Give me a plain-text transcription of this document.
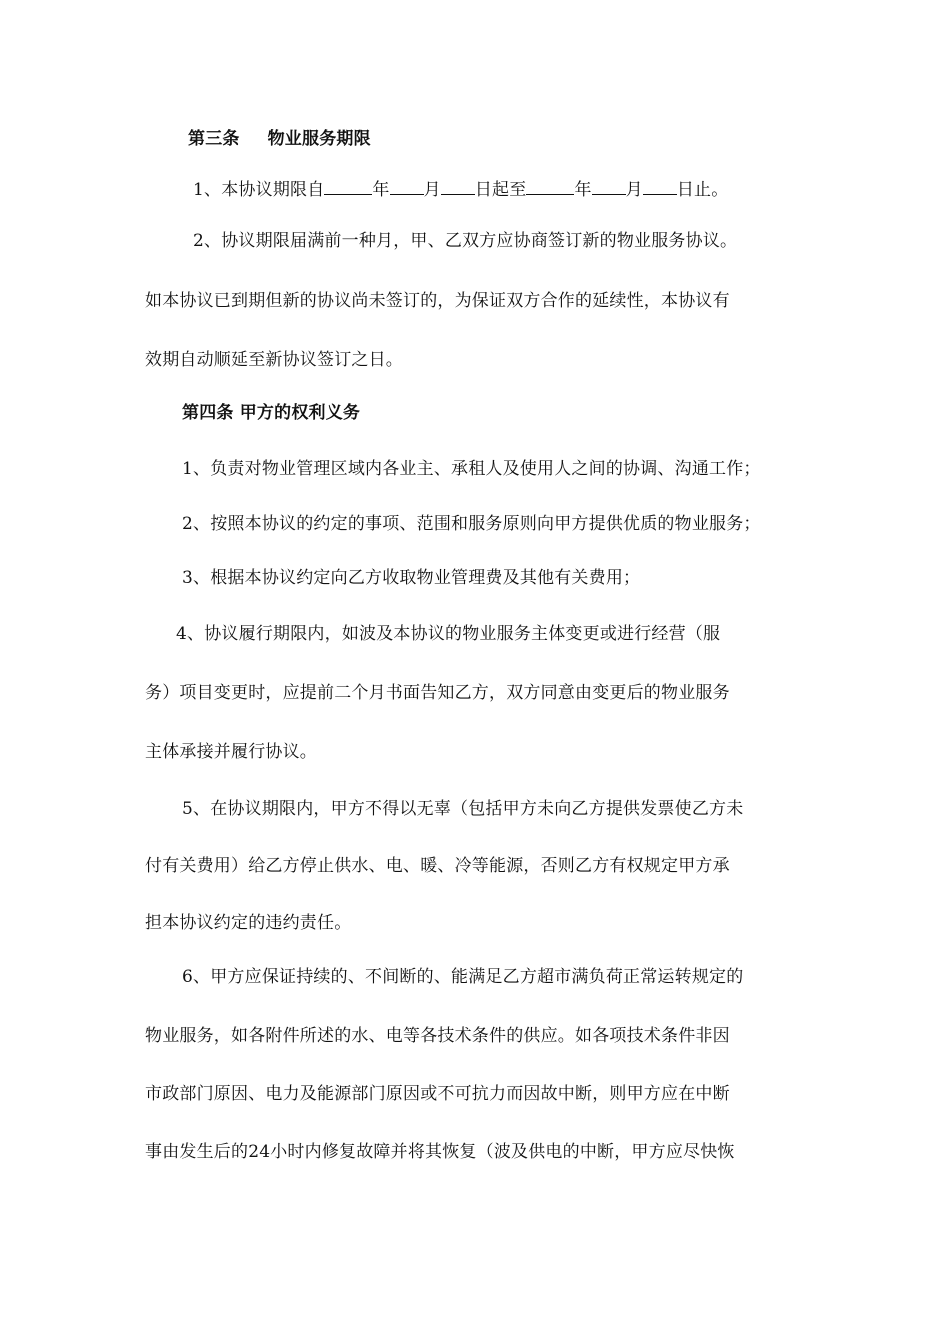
第三条 物业服务期限
1、本协议期限自	年 月 日起至	年 月 日止。
2、协议期限届满前一种月，甲、乙双方应协商签订新的物业服务协议。
如本协议已到期但新的协议尚未签订的，为保证双方合作的延续性，本协议有
效期自动顺延至新协议签订之日。
第四条 甲方的权利义务
1、负责对物业管理区域内各业主、承租人及使用人之间的协调、沟通工作；
2、按照本协议的约定的事项、范围和服务原则向甲方提供优质的物业服务；
3、根据本协议约定向乙方收取物业管理费及其他有关费用；
4、协议履行期限内，如波及本协议的物业服务主体变更或进行经营（服
务）项目变更时，应提前二个月书面告知乙方，双方同意由变更后的物业服务
主体承接并履行协议。
5、在协议期限内，甲方不得以无辜（包括甲方未向乙方提供发票使乙方未
付有关费用）给乙方停止供水、电、暖、冷等能源，否则乙方有权规定甲方承
担本协议约定的违约责任。
6、甲方应保证持续的、不间断的、能满足乙方超市满负荷正常运转规定的
物业服务，如各附件所述的水、电等各技术条件的供应。如各项技术条件非因
市政部门原因、电力及能源部门原因或不可抗力而因故中断，则甲方应在中断
事由发生后的24小时内修复故障并将其恢复（波及供电的中断，甲方应尽快恢
